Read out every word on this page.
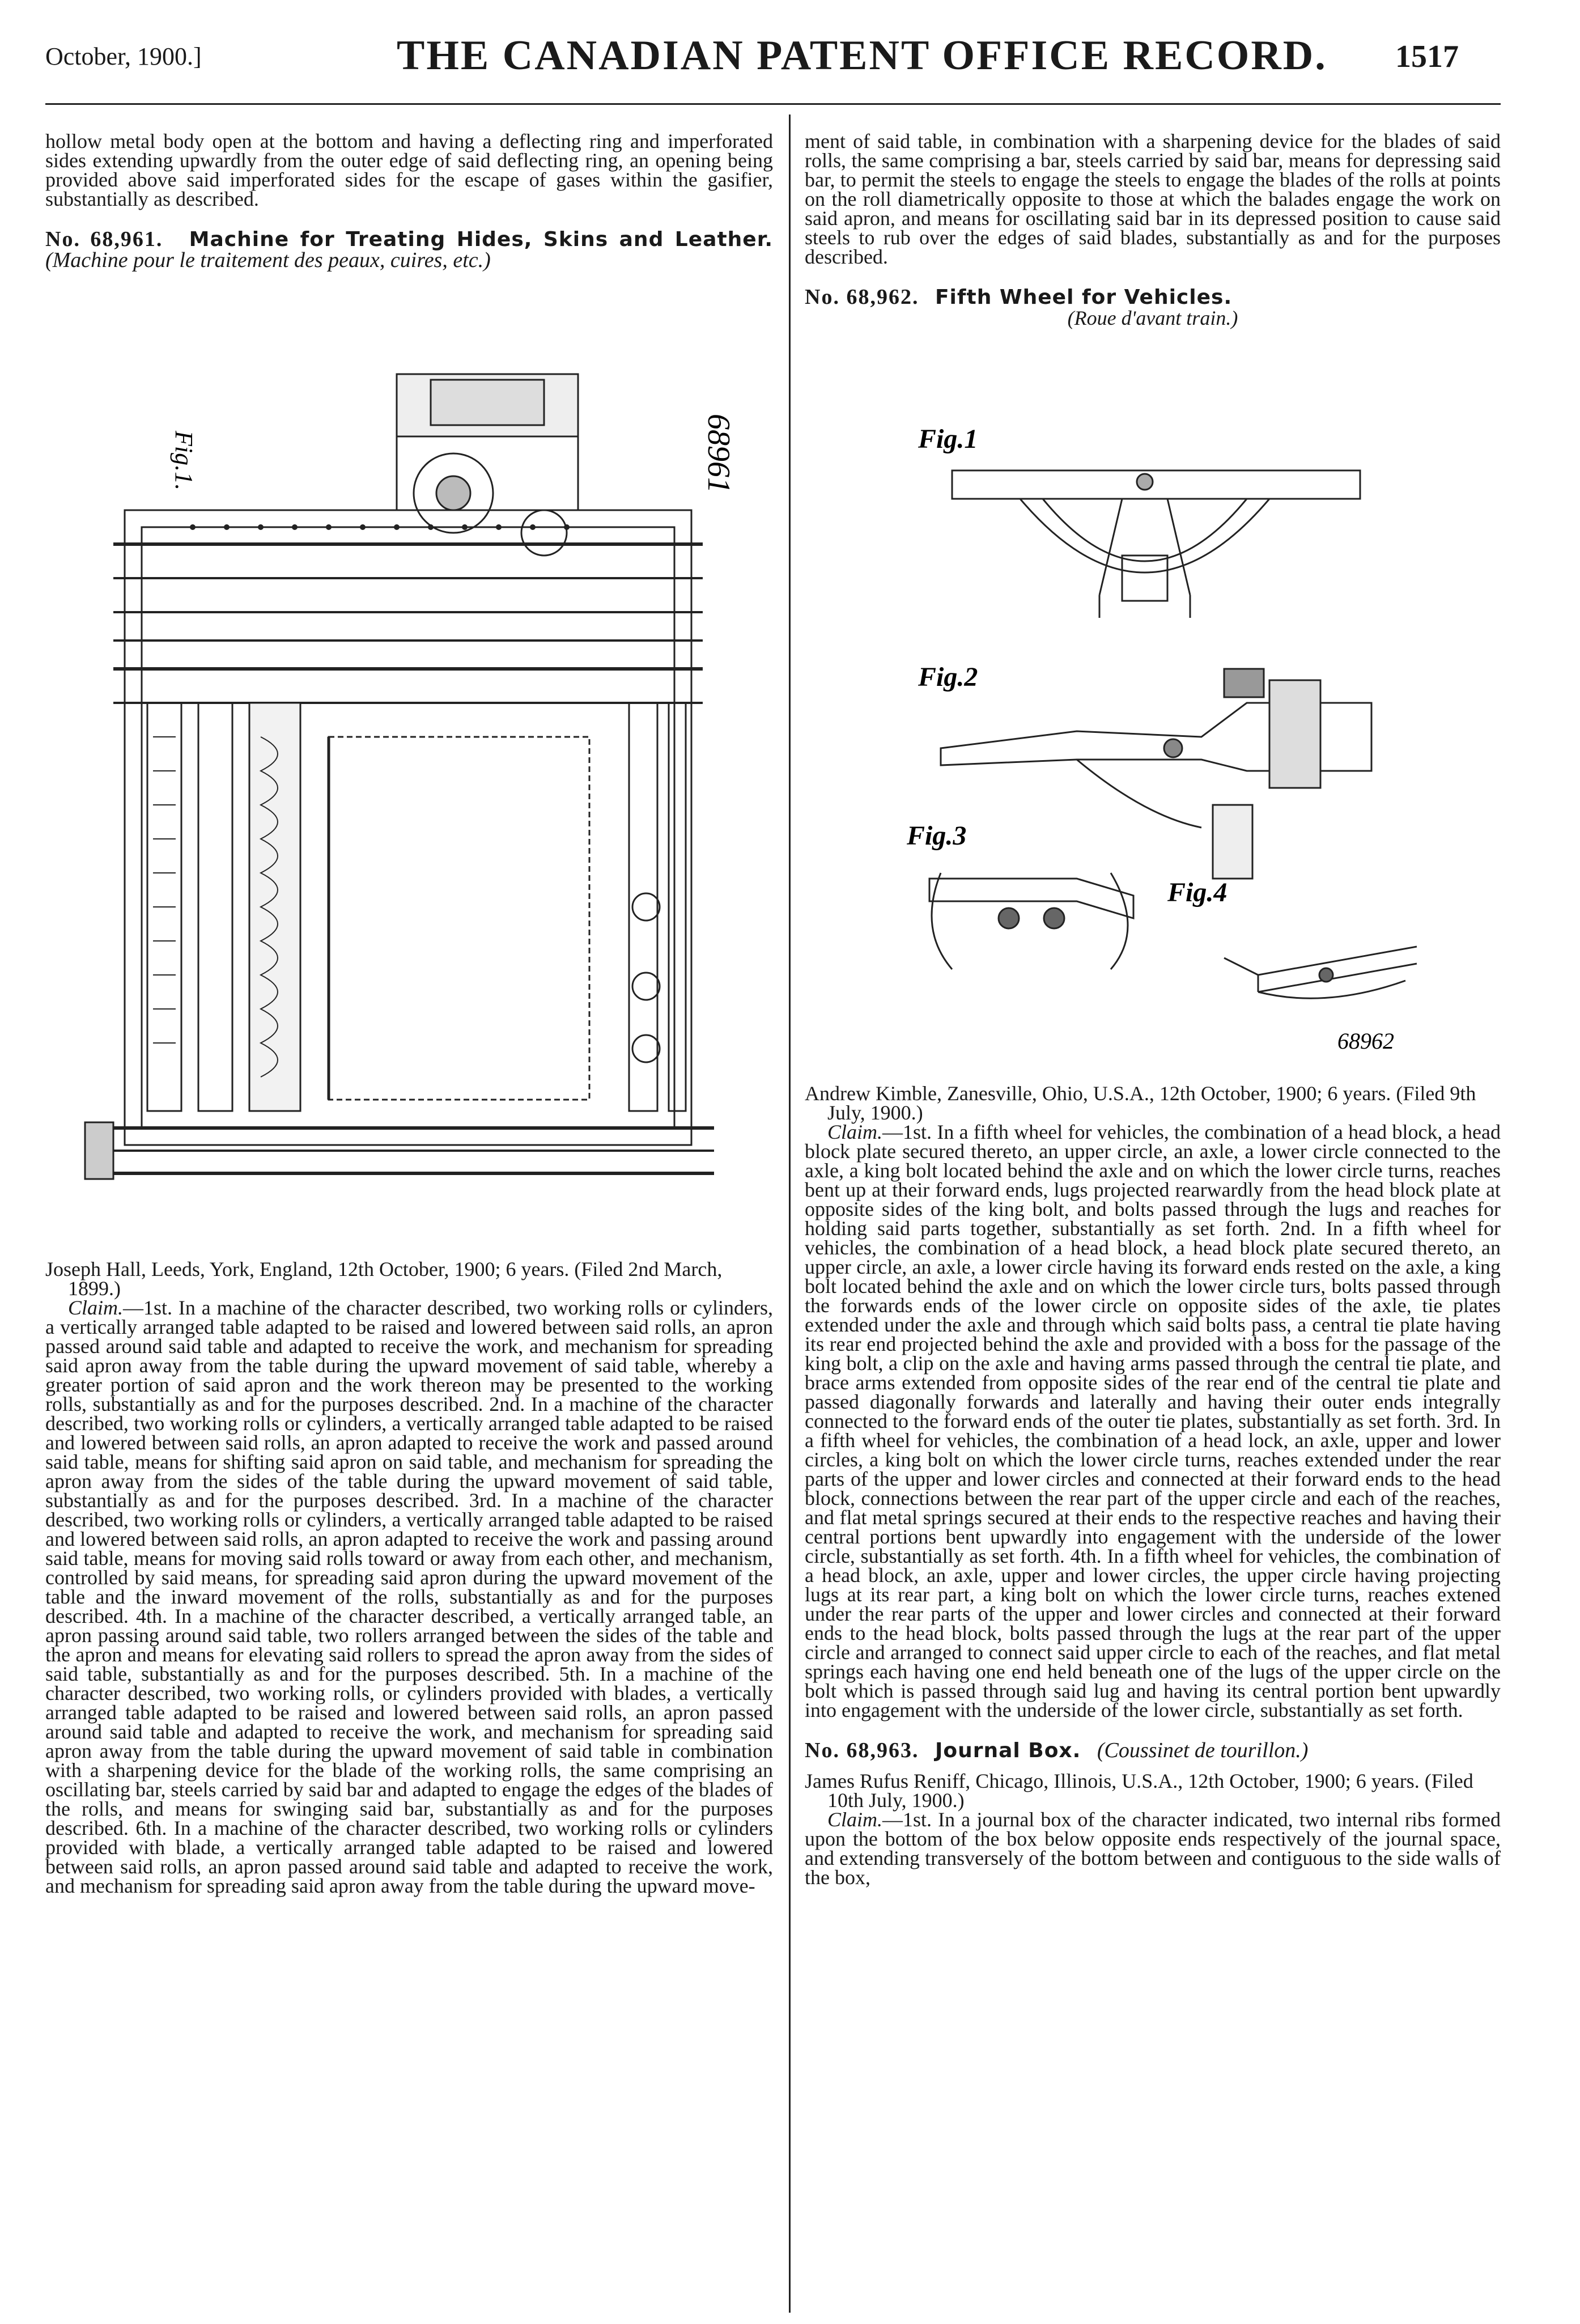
October, 1900.]	THE CANADIAN PATENT OFFICE RECORD. 1517

hollow metal body open at the bottom and having a deflecting ring and imperforated sides extending upwardly from the outer edge of said deflecting ring, an opening being provided above said imperforated sides for the escape of gases within the gasifier, substantially as described.

No. 68,961. Machine for Treating Hides, Skins and Leather. (Machine pour le traitement des peaux, cuires, etc.)

Fig.1.	68961

Joseph Hall, Leeds, York, England, 12th October, 1900; 6 years. (Filed 2nd March, 1899.)

Claim.—1st. In a machine of the character described, two working rolls or cylinders, a vertically arranged table adapted to be raised and lowered between said rolls, an apron passed around said table and adapted to receive the work, and mechanism for spreading said apron away from the table during the upward movement of said table, whereby a greater portion of said apron and the work thereon may be presented to the working rolls, substantially as and for the purposes described. 2nd. In a machine of the character described, two working rolls or cylinders, a vertically arranged table adapted to be raised and lowered between said rolls, an apron adapted to receive the work and passed around said table, means for shifting said apron on said table, and mechanism for spreading the apron away from the sides of the table during the upward movement of said table, substantially as and for the purposes described. 3rd. In a machine of the character described, two working rolls or cylinders, a vertically arranged table adapted to be raised and lowered between said rolls, an apron adapted to receive the work and passing around said table, means for moving said rolls toward or away from each other, and mechanism, controlled by said means, for spreading said apron during the upward movement of the table and the inward movement of the rolls, substantially as and for the purposes described. 4th. In a machine of the character described, a vertically arranged table, an apron passing around said table, two rollers arranged between the sides of the table and the apron and means for elevating said rollers to spread the apron away from the sides of said table, substantially as and for the purposes described. 5th. In a machine of the character described, two working rolls, or cylinders provided with blades, a vertically arranged table adapted to be raised and lowered between said rolls, an apron passed around said table and adapted to receive the work, and mechanism for spreading said apron away from the table during the upward movement of said table in combination with a sharpening device for the blade of the working rolls, the same comprising an oscillating bar, steels carried by said bar and adapted to engage the edges of the blades of the rolls, and means for swinging said bar, substantially as and for the purposes described. 6th. In a machine of the character described, two working rolls or cylinders provided with blade, a vertically arranged table adapted to be raised and lowered between said rolls, an apron passed around said table and adapted to receive the work, and mechanism for spreading said apron away from the table during the upward move-

ment of said table, in combination with a sharpening device for the blades of said rolls, the same comprising a bar, steels carried by said bar, means for depressing said bar, to permit the steels to engage the steels to engage the blades of the rolls at points on the roll diametrically opposite to those at which the balades engage the work on said apron, and means for oscillating said bar in its depressed position to cause said steels to rub over the edges of said blades, substantially as and for the purposes described.

No. 68,962. Fifth Wheel for Vehicles.

(Roue d'avant train.)

Fig.1
Fig.2
Fig.3
Fig.4
68962

Andrew Kimble, Zanesville, Ohio, U.S.A., 12th October, 1900; 6 years. (Filed 9th July, 1900.)

Claim.—1st. In a fifth wheel for vehicles, the combination of a head block, a head block plate secured thereto, an upper circle, an axle, a lower circle connected to the axle, a king bolt located behind the axle and on which the lower circle turns, reaches bent up at their forward ends, lugs projected rearwardly from the head block plate at opposite sides of the king bolt, and bolts passed through the lugs and reaches for holding said parts together, substantially as set forth. 2nd. In a fifth wheel for vehicles, the combination of a head block, a head block plate secured thereto, an upper circle, an axle, a lower circle having its forward ends rested on the axle, a king bolt located behind the axle and on which the lower circle turs, bolts passed through the forwards ends of the lower circle on opposite sides of the axle, tie plates extended under the axle and through which said bolts pass, a central tie plate having its rear end projected behind the axle and provided with a boss for the passage of the king bolt, a clip on the axle and having arms passed through the central tie plate, and brace arms extended from opposite sides of the rear end of the central tie plate and passed diagonally forwards and laterally and having their outer ends integrally connected to the forward ends of the outer tie plates, substantially as set forth. 3rd. In a fifth wheel for vehicles, the combination of a head lock, an axle, upper and lower circles, a king bolt on which the lower circle turns, reaches extended under the rear parts of the upper and lower circles and connected at their forward ends to the head block, connections between the rear part of the upper circle and each of the reaches, and flat metal springs secured at their ends to the respective reaches and having their central portions bent upwardly into engagement with the underside of the lower circle, substantially as set forth. 4th. In a fifth wheel for vehicles, the combination of a head block, an axle, upper and lower circles, the upper circle having projecting lugs at its rear part, a king bolt on which the lower circle turns, reaches extened under the rear parts of the upper and lower circles and connected at their forward ends to the head block, bolts passed through the lugs at the rear part of the upper circle and arranged to connect said upper circle to each of the reaches, and flat metal springs each having one end held beneath one of the lugs of the upper circle on the bolt which is passed through said lug and having its central portion bent upwardly into engagement with the underside of the lower circle, substantially as set forth.

No. 68,963. Journal Box. (Coussinet de tourillon.)

James Rufus Reniff, Chicago, Illinois, U.S.A., 12th October, 1900; 6 years. (Filed 10th July, 1900.)

Claim.—1st. In a journal box of the character indicated, two internal ribs formed upon the bottom of the box below opposite ends respectively of the journal space, and extending transversely of the bottom between and contiguous to the side walls of the box,
